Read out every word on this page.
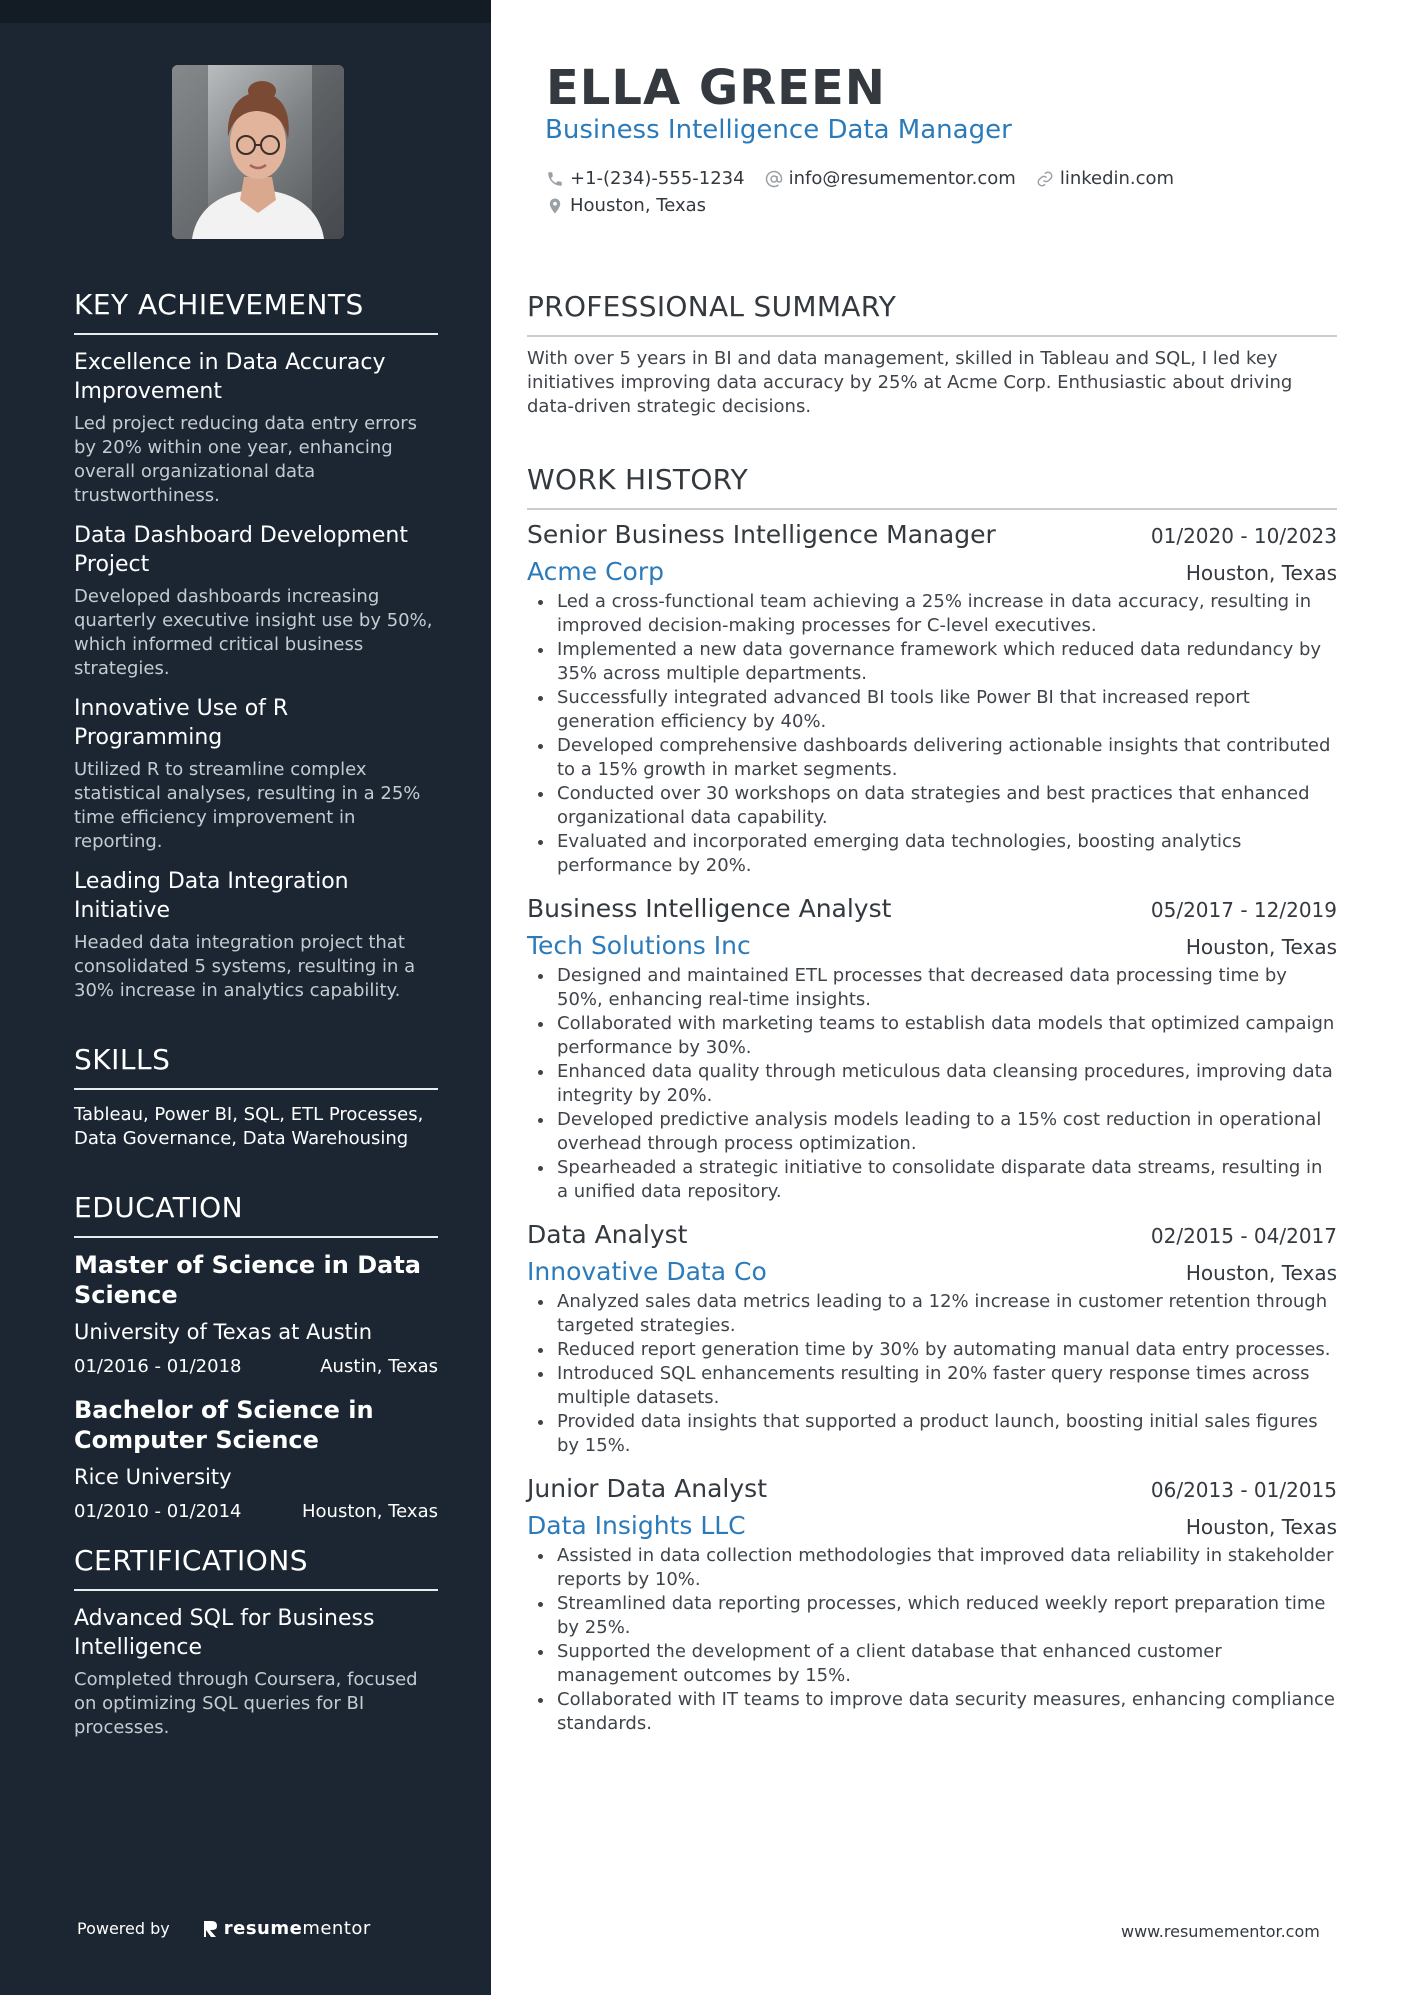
KEY ACHIEVEMENTS
Excellence in Data Accuracy Improvement
Led project reducing data entry errors by 20% within one year, enhancing overall organizational data trustworthiness.
Data Dashboard Development Project
Developed dashboards increasing quarterly executive insight use by 50%, which informed critical business strategies.
Innovative Use of R Programming
Utilized R to streamline complex statistical analyses, resulting in a 25% time efficiency improvement in reporting.
Leading Data Integration Initiative
Headed data integration project that consolidated 5 systems, resulting in a 30% increase in analytics capability.
SKILLS
Tableau, Power BI, SQL, ETL Processes, Data Governance, Data Warehousing
EDUCATION
Master of Science in Data Science
University of Texas at Austin
01/2016 - 01/2018	Austin, Texas
Bachelor of Science in Computer Science
Rice University
01/2010 - 01/2014	Houston, Texas
CERTIFICATIONS
Advanced SQL for Business Intelligence
Completed through Coursera, focused on optimizing SQL queries for BI processes.
Powered by	resume mentor
ELLA GREEN
Business Intelligence Data Manager
+1-(234)-555-1234 info@resumementor.com linkedin.com
Houston, Texas
PROFESSIONAL SUMMARY

With over 5 years in BI and data management, skilled in Tableau and SQL, I led key initiatives improving data accuracy by 25% at Acme Corp. Enthusiastic about driving data-driven strategic decisions.

WORK HISTORY
Senior Business Intelligence Manager	01/2020 - 10/2023
Acme Corp	Houston, Texas
• Led a cross-functional team achieving a 25% increase in data accuracy, resulting in improved decision-making processes for C-level executives.
• Implemented a new data governance framework which reduced data redundancy by 35% across multiple departments.
• Successfully integrated advanced BI tools like Power BI that increased report generation efficiency by 40%.
• Developed comprehensive dashboards delivering actionable insights that contributed to a 15% growth in market segments.
• Conducted over 30 workshops on data strategies and best practices that enhanced organizational data capability.
• Evaluated and incorporated emerging data technologies, boosting analytics performance by 20%.
Business Intelligence Analyst	05/2017 - 12/2019
Tech Solutions Inc	Houston, Texas
• Designed and maintained ETL processes that decreased data processing time by 50%, enhancing real-time insights.
• Collaborated with marketing teams to establish data models that optimized campaign performance by 30%.
• Enhanced data quality through meticulous data cleansing procedures, improving data integrity by 20%.
• Developed predictive analysis models leading to a 15% cost reduction in operational overhead through process optimization.
• Spearheaded a strategic initiative to consolidate disparate data streams, resulting in a unified data repository.
Data Analyst	02/2015 - 04/2017
Innovative Data Co	Houston, Texas
• Analyzed sales data metrics leading to a 12% increase in customer retention through targeted strategies.
• Reduced report generation time by 30% by automating manual data entry processes.
• Introduced SQL enhancements resulting in 20% faster query response times across multiple datasets.
• Provided data insights that supported a product launch, boosting initial sales figures by 15%.
Junior Data Analyst	06/2013 - 01/2015
Data Insights LLC	Houston, Texas
• Assisted in data collection methodologies that improved data reliability in stakeholder reports by 10%.
• Streamlined data reporting processes, which reduced weekly report preparation time by 25%.
• Supported the development of a client database that enhanced customer management outcomes by 15%.
• Collaborated with IT teams to improve data security measures, enhancing compliance standards.
www.resumementor.com
